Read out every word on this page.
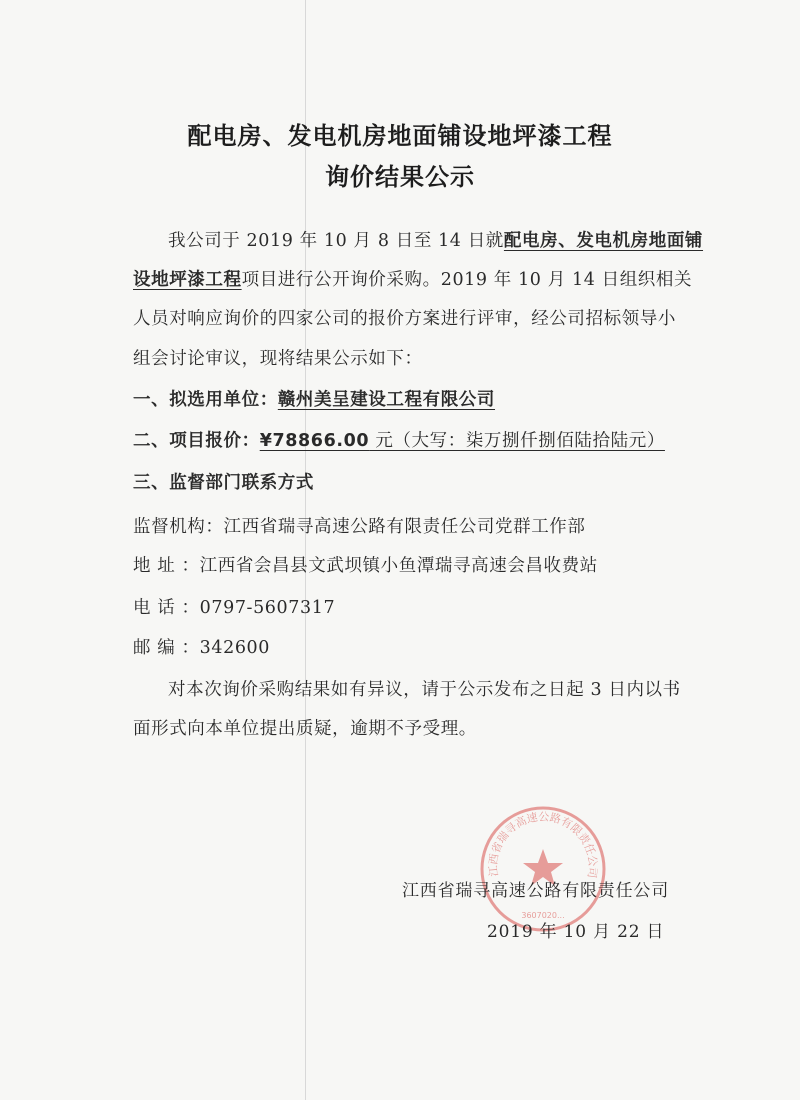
配电房、发电机房地面铺设地坪漆工程
询价结果公示
我公司于 2019 年 10 月 8 日至 14 日就配电房、发电机房地面铺
设地坪漆工程项目进行公开询价采购。2019 年 10 月 14 日组织相关
人员对响应询价的四家公司的报价方案进行评审，经公司招标领导小
组会讨论审议，现将结果公示如下：
一、拟选用单位：赣州美呈建设工程有限公司
二、项目报价：¥78866.00 元（大写：柒万捌仟捌佰陆拾陆元）
三、监督部门联系方式
监督机构：江西省瑞寻高速公路有限责任公司党群工作部
地 址 ：江西省会昌县文武坝镇小鱼潭瑞寻高速会昌收费站
电 话 ：0797-5607317
邮 编 ：342600
对本次询价采购结果如有异议，请于公示发布之日起 3 日内以书
面形式向本单位提出质疑，逾期不予受理。
江西省瑞寻高速公路有限责任公司
3607020...
江西省瑞寻高速公路有限责任公司
2019 年 10 月 22 日
